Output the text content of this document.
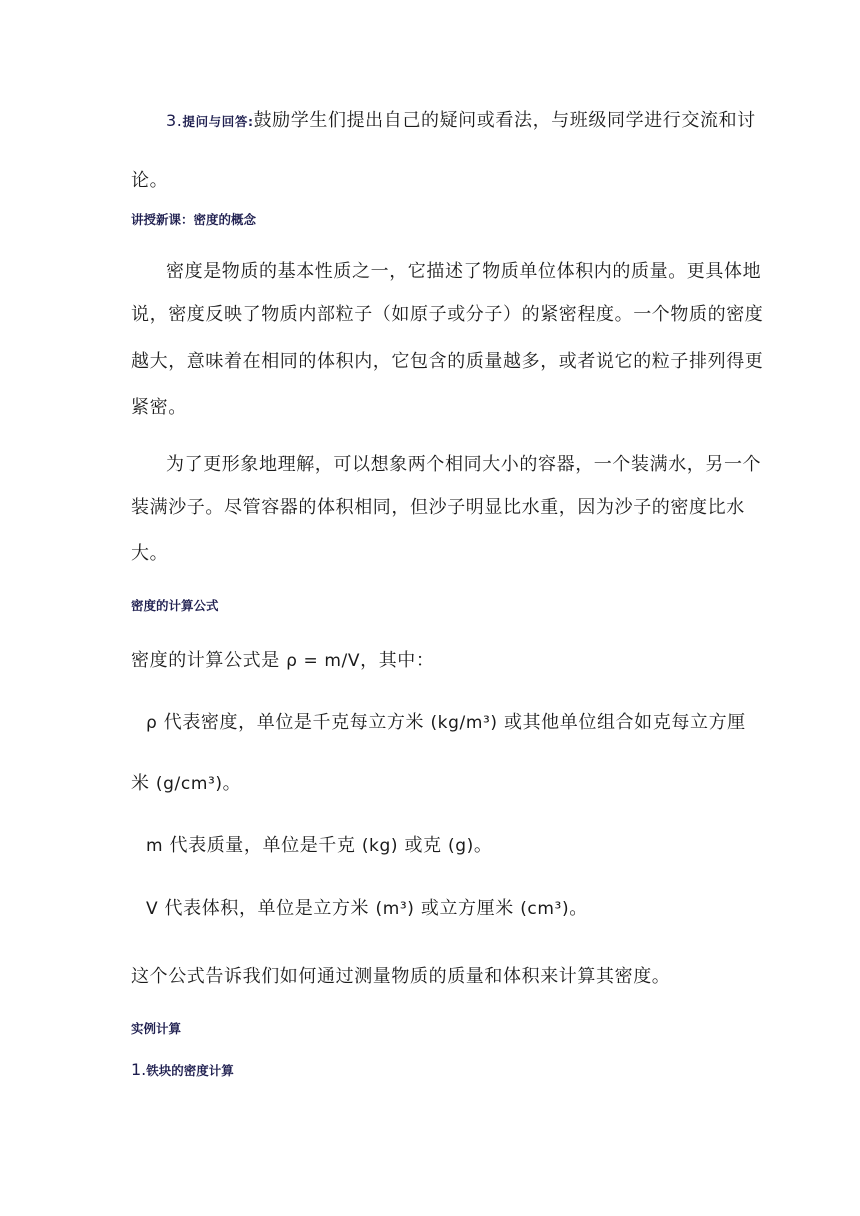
3.提问与回答:鼓励学生们提出自己的疑问或看法，与班级同学进行交流和讨

论。

讲授新课：密度的概念

密度是物质的基本性质之一，它描述了物质单位体积内的质量。更具体地

说，密度反映了物质内部粒子（如原子或分子）的紧密程度。一个物质的密度

越大，意味着在相同的体积内，它包含的质量越多，或者说它的粒子排列得更

紧密。

为了更形象地理解，可以想象两个相同大小的容器，一个装满水，另一个

装满沙子。尽管容器的体积相同，但沙子明显比水重，因为沙子的密度比水

大。

密度的计算公式

密度的计算公式是 ρ = m/V，其中：

ρ 代表密度，单位是千克每立方米 (kg/m³) 或其他单位组合如克每立方厘

米 (g/cm³)。

m 代表质量，单位是千克 (kg) 或克 (g)。

V 代表体积，单位是立方米 (m³) 或立方厘米 (cm³)。

这个公式告诉我们如何通过测量物质的质量和体积来计算其密度。

实例计算
1.铁块的密度计算
